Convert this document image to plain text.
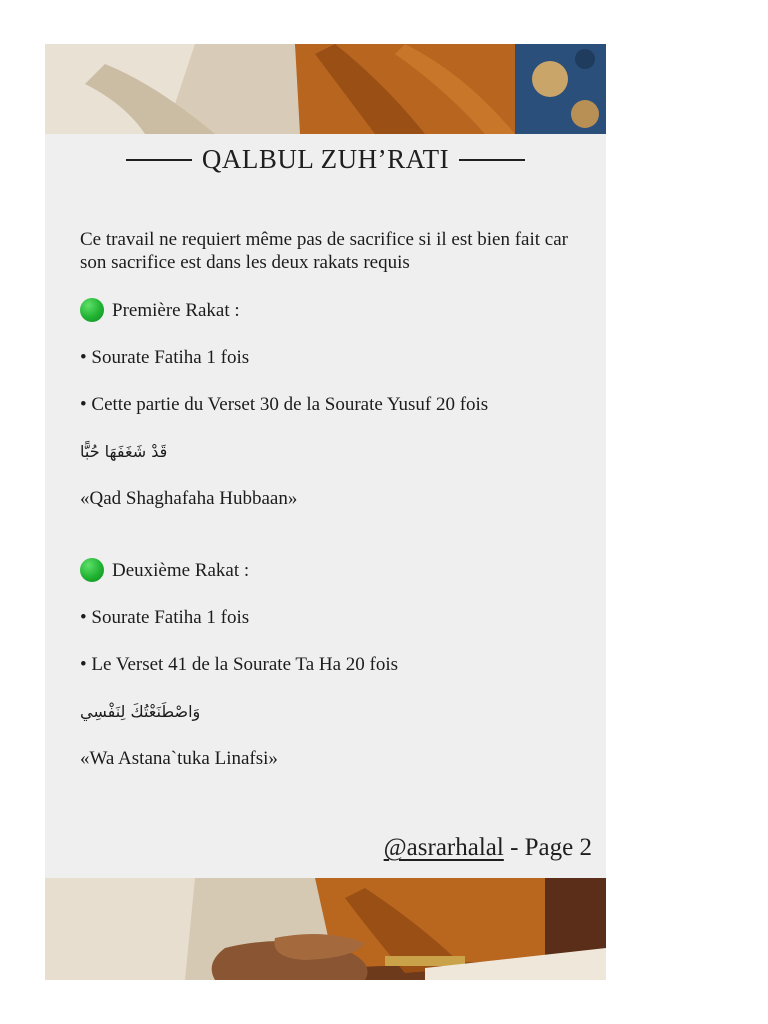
QALBUL ZUH’RATI

Ce travail ne requiert même pas de sacrifice si il est bien fait car son sacrifice est dans les deux rakats requis

Première Rakat :

• Sourate Fatiha 1 fois

• Cette partie du Verset 30 de la Sourate Yusuf 20 fois

قَدْ شَغَفَهَا حُبًّا

«Qad Shaghafaha Hubbaan»

Deuxième Rakat :

• Sourate Fatiha 1 fois

• Le Verset 41 de la Sourate Ta Ha 20 fois

وَاصْطَنَعْتُكَ لِنَفْسِي

«Wa Astana`tuka Linafsi»

@asrarhalal - Page 2
